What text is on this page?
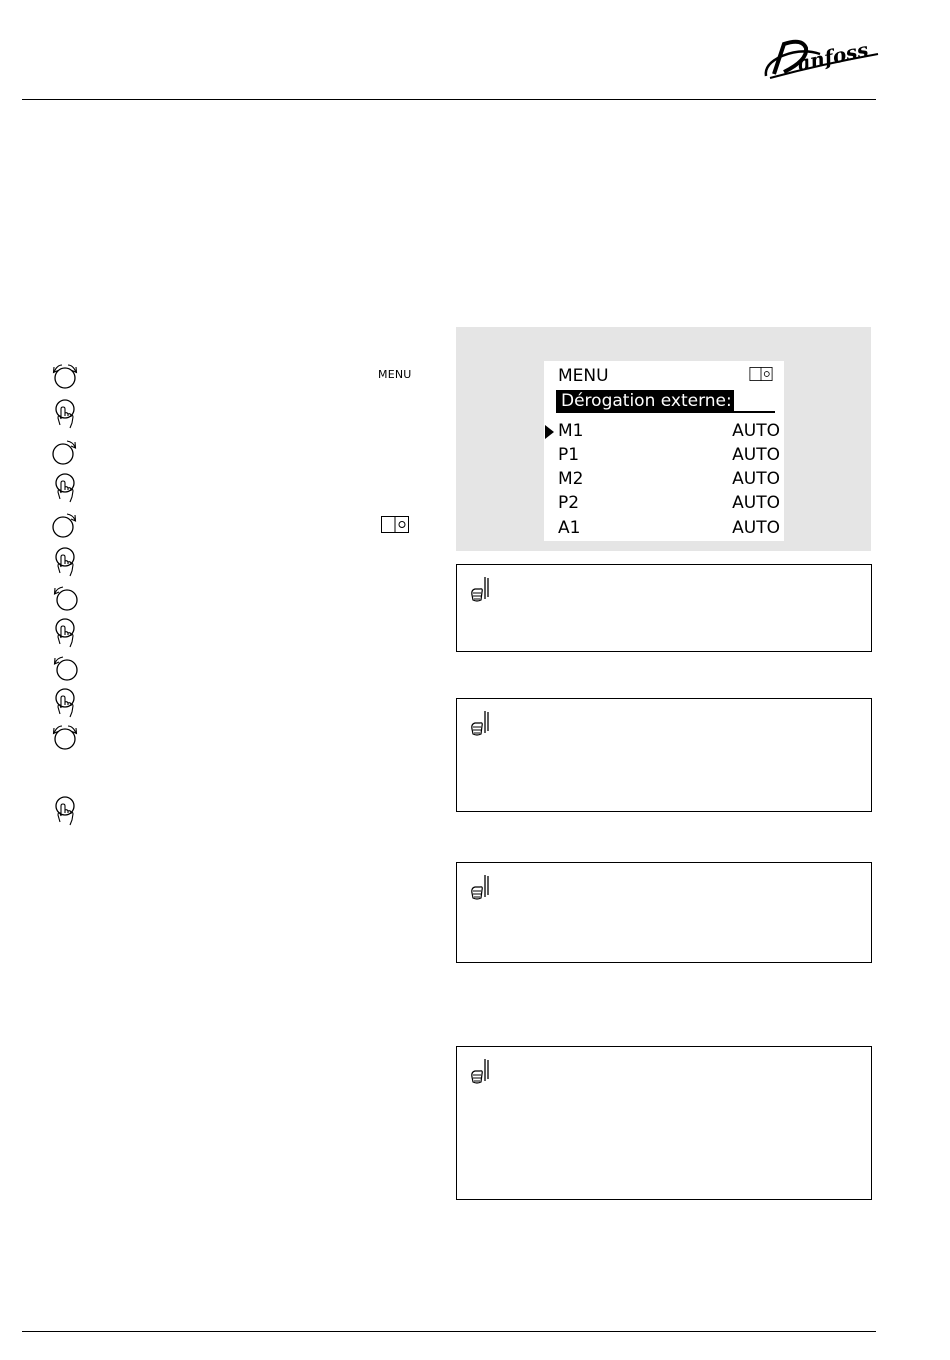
anfoss
MENU	MENU
Dérogation externe:
M1	AUTO
P1	AUTO
M2	AUTO
P2	AUTO
A1	AUTO
